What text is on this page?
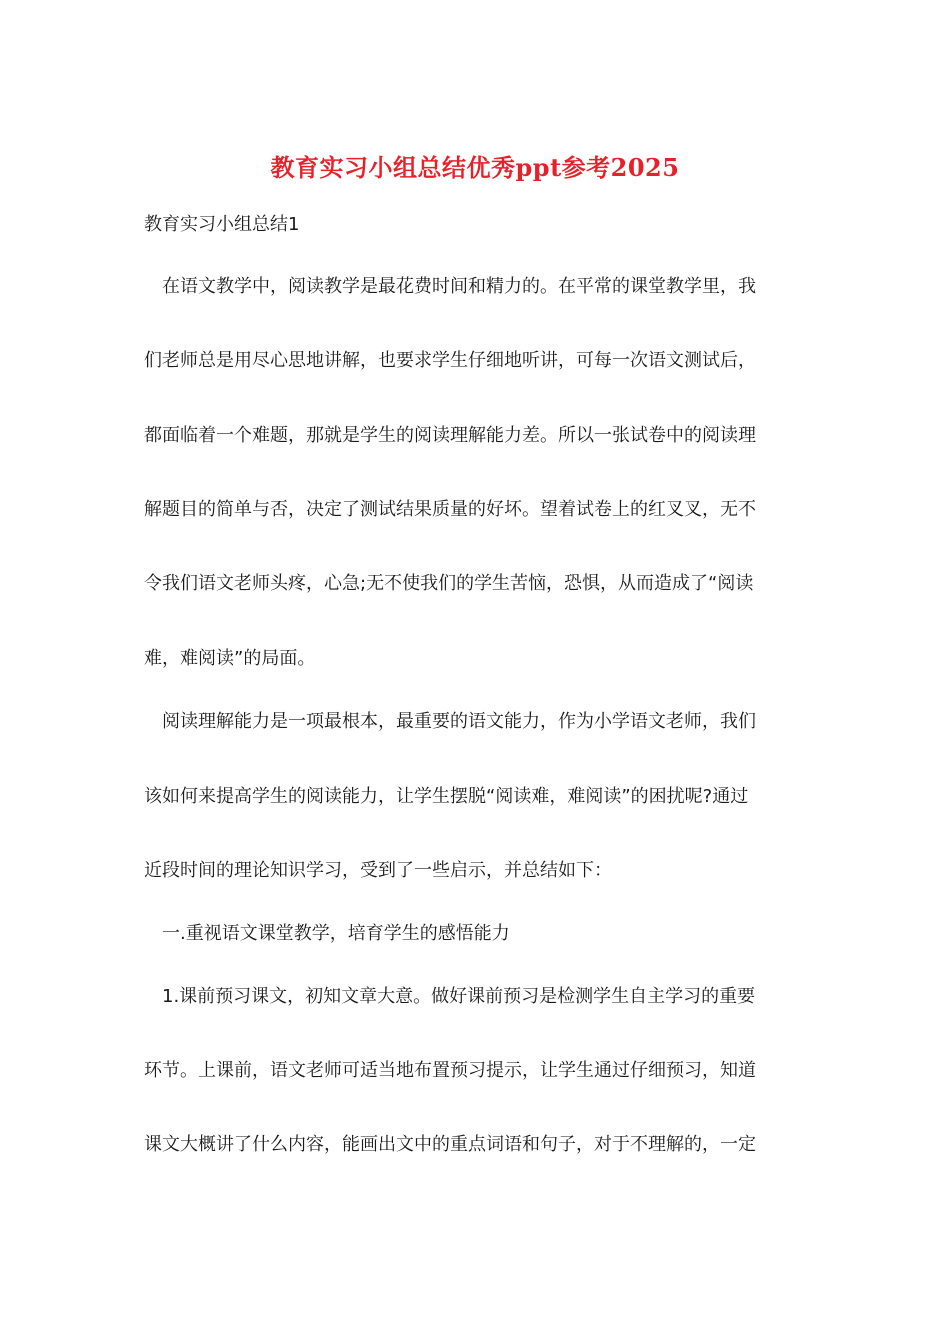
教育实习小组总结优秀ppt参考2025
教育实习小组总结1
在语文教学中，阅读教学是最花费时间和精力的。在平常的课堂教学里，我
们老师总是用尽心思地讲解，也要求学生仔细地听讲，可每一次语文测试后，
都面临着一个难题，那就是学生的阅读理解能力差。所以一张试卷中的阅读理
解题目的简单与否，决定了测试结果质量的好坏。望着试卷上的红叉叉，无不
令我们语文老师头疼，心急;无不使我们的学生苦恼，恐惧，从而造成了“阅读
难，难阅读”的局面。
阅读理解能力是一项最根本，最重要的语文能力，作为小学语文老师，我们
该如何来提高学生的阅读能力，让学生摆脱“阅读难，难阅读”的困扰呢?通过
近段时间的理论知识学习，受到了一些启示，并总结如下：
一.重视语文课堂教学，培育学生的感悟能力
1.课前预习课文，初知文章大意。做好课前预习是检测学生自主学习的重要
环节。上课前，语文老师可适当地布置预习提示，让学生通过仔细预习，知道
课文大概讲了什么内容，能画出文中的重点词语和句子，对于不理解的，一定
